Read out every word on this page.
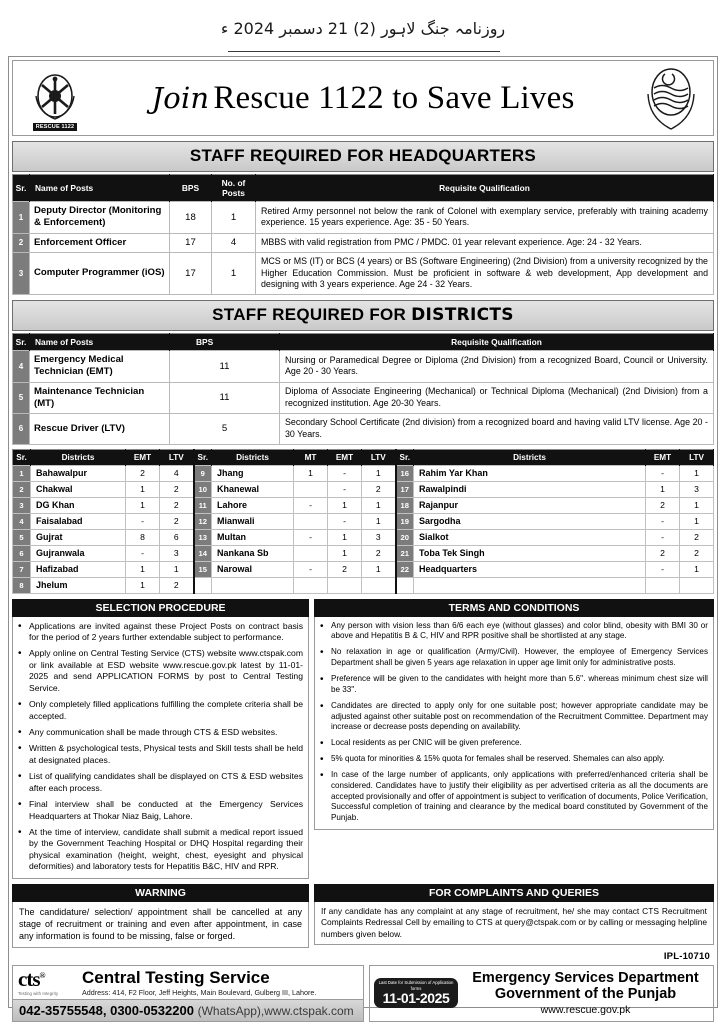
روزنامہ جنگ لاہور (2) 21 دسمبر 2024 ء
RESCUE 1122
Join Rescue 1122 to Save Lives
STAFF REQUIRED FOR HEADQUARTERS
Sr.	Name of Posts	BPS	No. of Posts	Requisite Qualification
1	Deputy Director (Monitoring & Enforcement)	18	1	Retired Army personnel not below the rank of Colonel with exemplary service, preferably with training academy experience. 15 years experience. Age: 35 - 50 Years.
2	Enforcement Officer	17	4	MBBS with valid registration from PMC / PMDC. 01 year relevant experience. Age: 24 - 32 Years.
3	Computer Programmer (iOS)	17	1	MCS or MS (IT) or BCS (4 years) or BS (Software Engineering) (2nd Division) from a university recognized by the Higher Education Commission. Must be proficient in software & web development, App development and designing with 3 years experience. Age 24 - 32 Years.
STAFF REQUIRED FOR DISTRICTS
Sr.	Name of Posts	BPS	Requisite Qualification
4	Emergency Medical Technician (EMT)	11	Nursing or Paramedical Degree or Diploma (2nd Division) from a recognized Board, Council or University. Age 20 - 30 Years.
5	Maintenance Technician (MT)	11	Diploma of Associate Engineering (Mechanical) or Technical Diploma (Mechanical) (2nd Division) from a recognized institution. Age 20-30 Years.
6	Rescue Driver (LTV)	5	Secondary School Certificate (2nd division) from a recognized board and having valid LTV license. Age 20 - 30 Years.
Sr.	Districts	EMT	LTV	Sr.	Districts	MT	EMT	LTV	Sr.	Districts	EMT	LTV
1	Bahawalpur	2	4	9	Jhang	1	-	1	16	Rahim Yar Khan	-	1
2	Chakwal	1	2	10	Khanewal		-	2	17	Rawalpindi	1	3
3	DG Khan	1	2	11	Lahore	-	1	1	18	Rajanpur	2	1
4	Faisalabad	-	2	12	Mianwali		-	1	19	Sargodha	-	1
5	Gujrat	8	6	13	Multan	-	1	3	20	Sialkot	-	2
6	Gujranwala	-	3	14	Nankana Sb		1	2	21	Toba Tek Singh	2	2
7	Hafizabad	1	1	15	Narowal	-	2	1	22	Headquarters	-	1
8	Jhelum	1	2									
SELECTION PROCEDURE
• Applications are invited against these Project Posts on contract basis for the period of 2 years further extendable subject to performance.
• Apply online on Central Testing Service (CTS) website www.ctspak.com or link available at ESD website www.rescue.gov.pk latest by 11-01-2025 and send APPLICATION FORMS by post to Central Testing Service.
• Only completely filled applications fulfilling the complete criteria shall be accepted.
• Any communication shall be made through CTS & ESD websites.
• Written & psychological tests, Physical tests and Skill tests shall be held at designated places.
• List of qualifying candidates shall be displayed on CTS & ESD websites after each process.
• Final interview shall be conducted at the Emergency Services Headquarters at Thokar Niaz Baig, Lahore.
• At the time of interview, candidate shall submit a medical report issued by the Government Teaching Hospital or DHQ Hospital regarding their physical examination (height, weight, chest, eyesight and physical deformities) and laboratory tests for Hepatitis B&C, HIV and RPR.
TERMS AND CONDITIONS
• Any person with vision less than 6/6 each eye (without glasses) and color blind, obesity with BMI 30 or above and Hepatitis B & C, HIV and RPR positive shall be shortlisted at any stage.
• No relaxation in age or qualification (Army/Civil). However, the employee of Emergency Services Department shall be given 5 years age relaxation in upper age limit only for administrative posts.
• Preference will be given to the candidates with height more than 5.6''. whereas minimum chest size will be 33''.
• Candidates are directed to apply only for one suitable post; however appropriate candidate may be adjusted against other suitable post on recommendation of the Recruitment Committee. Department may increase or decrease posts depending on availability.
• Local residents as per CNIC will be given preference.
• 5% quota for minorities & 15% quota for females shall be reserved. Shemales can also apply.
• In case of the large number of applicants, only applications with preferred/enhanced criteria shall be considered. Candidates have to justify their eligibility as per advertised criteria as all the documents are accepted provisionally and offer of appointment is subject to verification of documents, Police Verification, Successful completion of training and clearance by the medical board constituted by Government of the Punjab.
WARNING
The candidature/ selection/ appointment shall be cancelled at any stage of recruitment or training and even after appointment, in case any information is found to be missing, false or forged.
FOR COMPLAINTS AND QUERIES
If any candidate has any complaint at any stage of recruitment, he/ she may contact CTS Recruitment Complaints Redressal Cell by emailing to CTS at query@ctspak.com or by calling or messaging helpline numbers given below.
IPL-10710
cts®
Testing with Integrity
Central Testing Service
Address: 414, F2 Floor, Jeff Heights, Main Boulevard, Gulberg III, Lahore.
042-35755548, 0300-0532200 (WhatsApp),www.ctspak.com
Last Date for Submission of Application forms
11-01-2025
Emergency Services Department
Government of the Punjab
www.rescue.gov.pk
